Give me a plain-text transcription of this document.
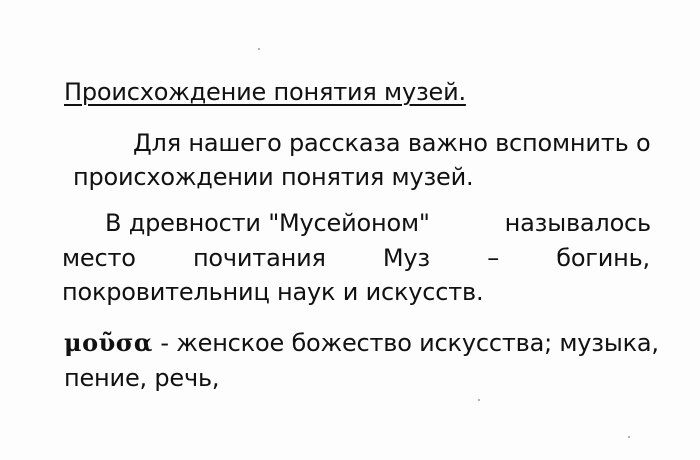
Происхождение понятия музей.
Для нашего рассказа важно вспомнить о
происхождении понятия музей.
В древности "Мусейоном"	называлось
место почитания Муз – богинь,
покровительниц наук и искусств.
μοῦσα - женское божество искусства; музыка,
пение, речь,
